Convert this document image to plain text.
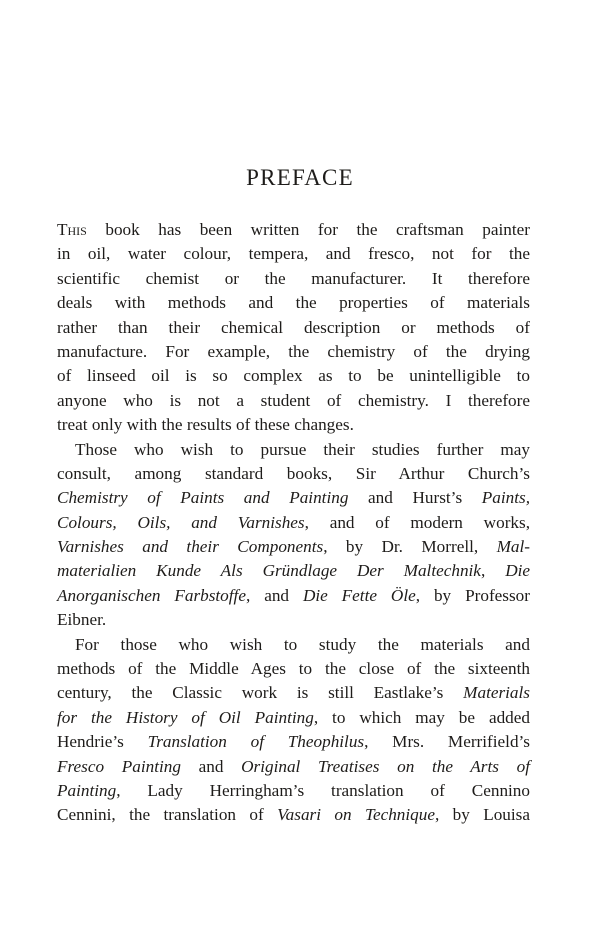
PREFACE
This book has been written for the craftsman painter
in oil, water colour, tempera, and fresco, not for the
scientific chemist or the manufacturer. It therefore
deals with methods and the properties of materials
rather than their chemical description or methods of
manufacture. For example, the chemistry of the drying
of linseed oil is so complex as to be unintelligible to
anyone who is not a student of chemistry. I therefore
treat only with the results of these changes.
Those who wish to pursue their studies further may
consult, among standard books, Sir Arthur Church’s
Chemistry of Paints and Painting and Hurst’s Paints,
Colours, Oils, and Varnishes, and of modern works,
Varnishes and their Components, by Dr. Morrell, Mal-
materialien Kunde Als Gründlage Der Maltechnik, Die
Anorganischen Farbstoffe, and Die Fette Öle, by Professor
Eibner.
For those who wish to study the materials and
methods of the Middle Ages to the close of the sixteenth
century, the Classic work is still Eastlake’s Materials
for the History of Oil Painting, to which may be added
Hendrie’s Translation of Theophilus, Mrs. Merrifield’s
Fresco Painting and Original Treatises on the Arts of
Painting, Lady Herringham’s translation of Cennino
Cennini, the translation of Vasari on Technique, by Louisa
